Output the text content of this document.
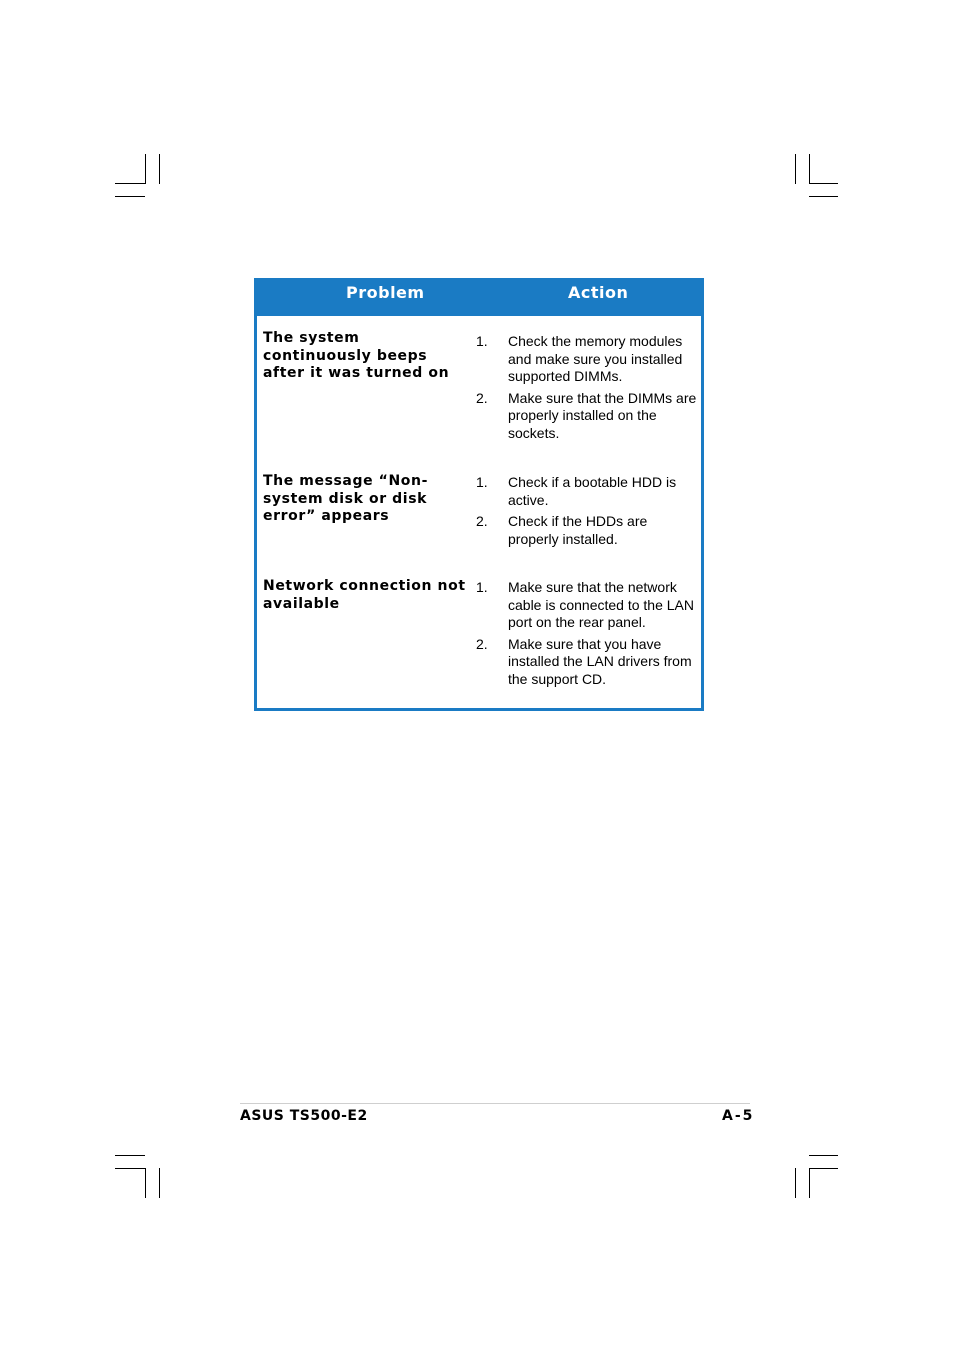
Problem	Action
The system continuously beeps after it was turned on
1. Check the memory modules and make sure you installed supported DIMMs.
2. Make sure that the DIMMs are properly installed on the sockets.
The message “Non-system disk or disk error” appears
1. Check if a bootable HDD is active.
2. Check if the HDDs are properly installed.
Network connection not available
1. Make sure that the network cable is connected to the LAN port on the rear panel.
2. Make sure that you have installed the LAN drivers from the support CD.
ASUS TS500-E2	A-5
